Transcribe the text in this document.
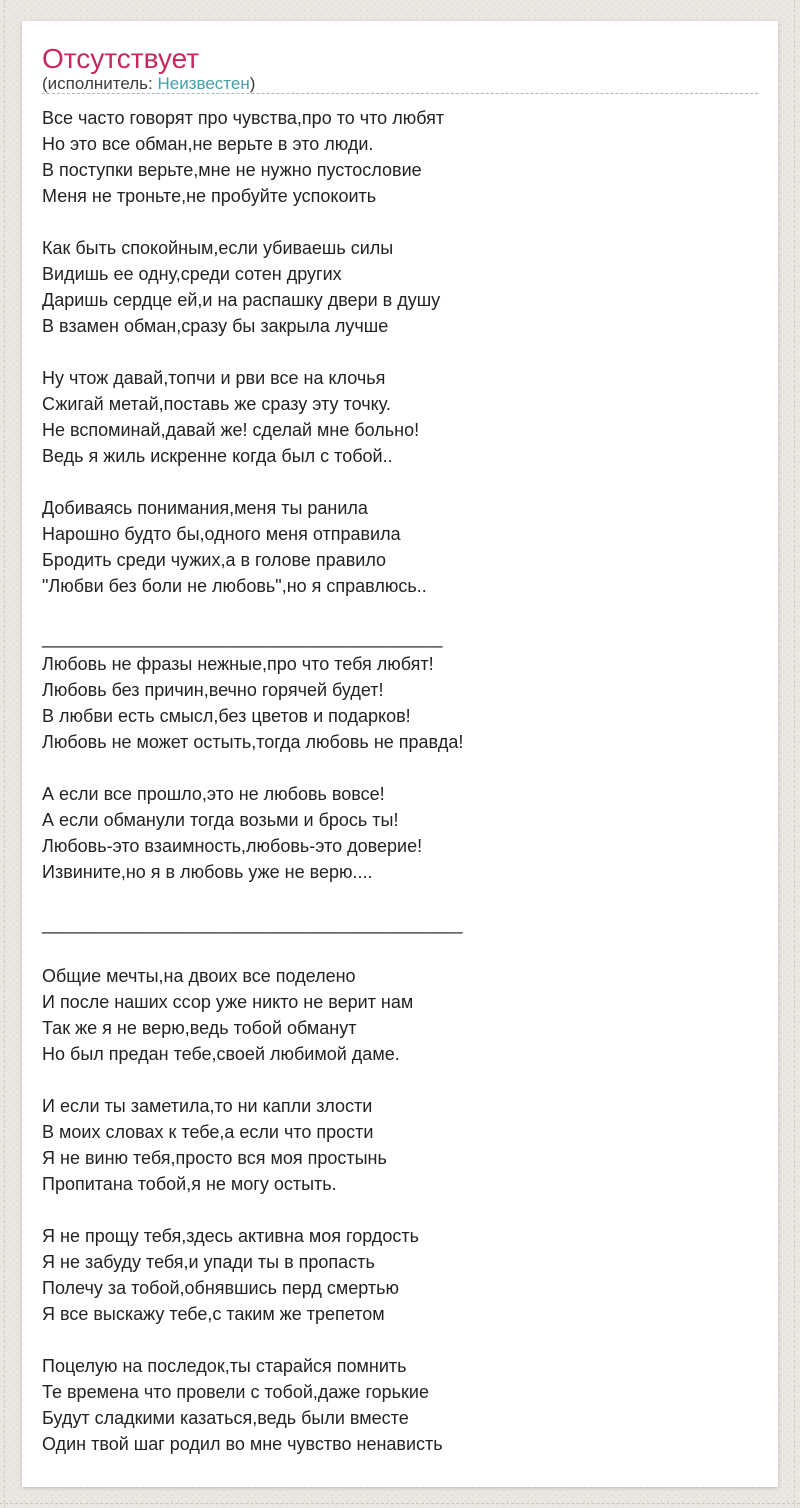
Отсутствует
(исполнитель: Неизвестен)
Все часто говорят про чувства,про то что любят
Но это все обман,не верьте в это люди.
В поступки верьте,мне не нужно пустословие
Меня не троньте,не пробуйте успокоить

Как быть спокойным,если убиваешь силы
Видишь ее одну,среди сотен других
Даришь сердце ей,и на распашку двери в душу
В взамен обман,сразу бы закрыла лучше

Ну чтож давай,топчи и рви все на клочья
Сжигай метай,поставь же сразу эту точку.
Не вспоминай,давай же! сделай мне больно!
Ведь я жиль искренне когда был с тобой..

Добиваясь понимания,меня ты ранила
Нарошно будто бы,одного меня отправила
Бродить среди чужих,а в голове правило
"Любви без боли не любовь",но я справлюсь..

________________________________________
Любовь не фразы нежные,про что тебя любят!
Любовь без причин,вечно горячей будет!
В любви есть смысл,без цветов и подарков!
Любовь не может остыть,тогда любовь не правда!

А если все прошло,это не любовь вовсе!
А если обманули тогда возьми и брось ты!
Любовь-это взаимность,любовь-это доверие!
Извините,но я в любовь уже не верю....

__________________________________________

Общие мечты,на двоих все поделено
И после наших ссор уже никто не верит нам
Так же я не верю,ведь тобой обманут
Но был предан тебе,своей любимой даме.

И если ты заметила,то ни капли злости
В моих словах к тебе,а если что прости
Я не виню тебя,просто вся моя простынь
Пропитана тобой,я не могу остыть.

Я не прощу тебя,здесь активна моя гордость
Я не забуду тебя,и упади ты в пропасть
Полечу за тобой,обнявшись перд смертью
Я все выскажу тебе,с таким же трепетом

Поцелую на последок,ты старайся помнить
Те времена что провели с тобой,даже горькие
Будут сладкими казаться,ведь были вместе
Один твой шаг родил во мне чувство ненависть
